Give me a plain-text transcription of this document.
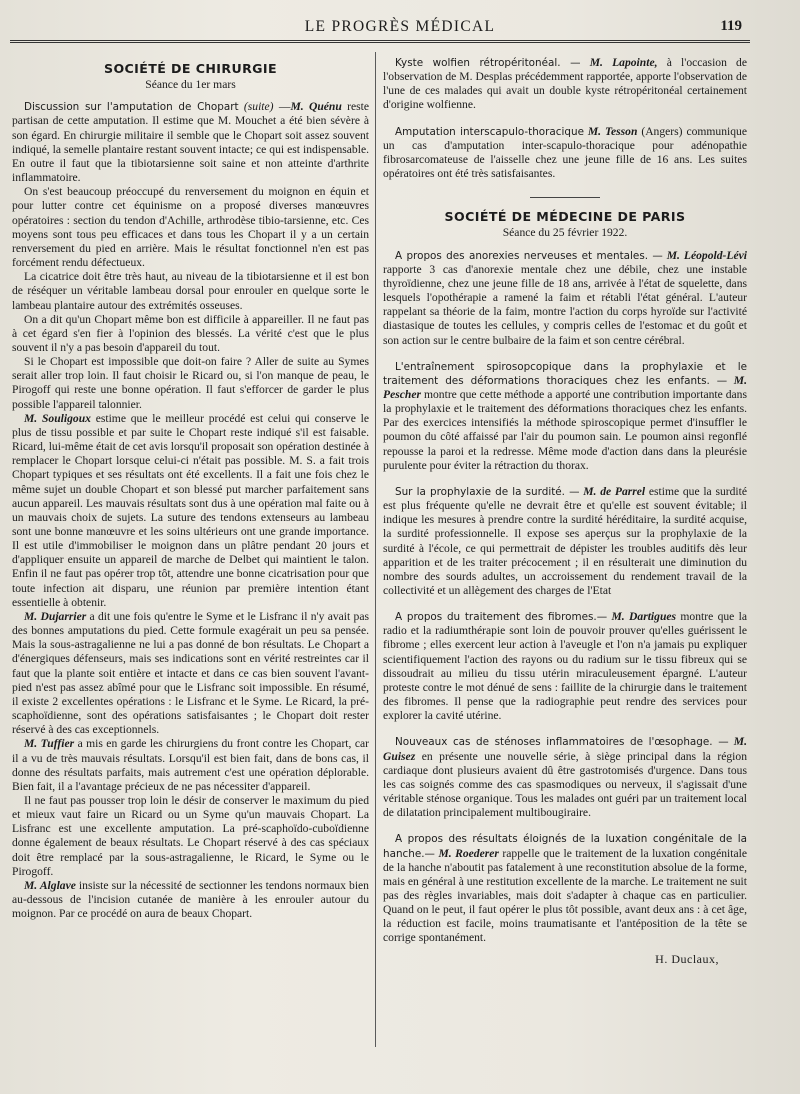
LE PROGRÈS MÉDICAL	119
SOCIÉTÉ DE CHIRURGIE
Séance du 1er mars

Discussion sur l'amputation de Chopart (suite) —M. Quénu reste partisan de cette amputation. Il estime que M. Mouchet a été bien sévère à son égard. En chirurgie militaire il semble que le Chopart soit assez souvent indiqué, la semelle plantaire restant souvent intacte; ce qui est indispensable. En outre il faut que la tibiotarsienne soit saine et non atteinte d'arthrite inflammatoire.

On s'est beaucoup préoccupé du renversement du moignon en équin et pour lutter contre cet équinisme on a proposé diverses manœuvres opératoires : section du tendon d'Achille, arthrodèse tibio-tarsienne, etc. Ces moyens sont tous peu efficaces et dans tous les Chopart il y a un certain renversement du pied en arrière. Mais le résultat fonctionnel n'en est pas forcément rendu défectueux.

La cicatrice doit être très haut, au niveau de la tibiotarsienne et il est bon de réséquer un véritable lambeau dorsal pour enrouler en quelque sorte le lambeau plantaire autour des extrémités osseuses.

On a dit qu'un Chopart même bon est difficile à appareiller. Il ne faut pas à cet égard s'en fier à l'opinion des blessés. La vérité c'est que le plus souvent il n'y a pas besoin d'appareil du tout.

Si le Chopart est impossible que doit-on faire ? Aller de suite au Symes serait aller trop loin. Il faut choisir le Ricard ou, si l'on manque de peau, le Pirogoff qui reste une bonne opération. Il faut s'efforcer de garder le plus possible l'appareil talonnier.

M. Souligoux estime que le meilleur procédé est celui qui conserve le plus de tissu possible et par suite le Chopart reste indiqué s'il est faisable. Ricard, lui-même était de cet avis lorsqu'il proposait son opération destinée à remplacer le Chopart lorsque celui-ci n'était pas possible. M. S. a fait trois Chopart typiques et ses résultats ont été excellents. Il a fait une fois chez le même sujet un double Chopart et son blessé put marcher parfaitement sans aucun appareil. Les mauvais résultats sont dus à une opération mal faite ou à un mauvais choix de sujets. La suture des tendons extenseurs au lambeau sont une bonne manœuvre et les soins ultérieurs ont une grande importance. Il est utile d'immobiliser le moignon dans un plâtre pendant 20 jours et d'appliquer ensuite un appareil de marche de Delbet qui maintient le talon. Enfin il ne faut pas opérer trop tôt, attendre une bonne cicatrisation pour que toute infection ait disparu, une réunion par première intention étant essentielle à obtenir.

M. Dujarrier a dit une fois qu'entre le Syme et le Lisfranc il n'y avait pas des bonnes amputations du pied. Cette formule exagérait un peu sa pensée. Mais la sous-astragalienne ne lui a pas donné de bon résultats. Le Chopart a d'énergiques défenseurs, mais ses indications sont en vérité restreintes car il faut que la plante soit entière et intacte et dans ce cas bien souvent l'avant-pied n'est pas assez abîmé pour que le Lisfranc soit impossible. En résumé, il existe 2 excellentes opérations : le Lisfranc et le Syme. Le Ricard, la pré-scaphoïdienne, sont des opérations satisfaisantes ; le Chopart doit rester réservé à des cas exceptionnels.

M. Tuffier a mis en garde les chirurgiens du front contre les Chopart, car il a vu de très mauvais résultats. Lorsqu'il est bien fait, dans de bons cas, il donne des résultats parfaits, mais autrement c'est une opération déplorable. Bien fait, il a l'avantage précieux de ne pas nécessiter d'appareil.

Il ne faut pas pousser trop loin le désir de conserver le maximum du pied et mieux vaut faire un Ricard ou un Syme qu'un mauvais Chopart. La Lisfranc est une excellente amputation. La pré-scaphoïdo-cuboïdienne donne également de beaux résultats. Le Chopart réservé à des cas spéciaux doit être remplacé par la sous-astragalienne, le Ricard, le Syme ou le Pirogoff.

M. Alglave insiste sur la nécessité de sectionner les tendons normaux bien au-dessous de l'incision cutanée de manière à les enrouler autour du moignon. Par ce procédé on aura de beaux Chopart.

Kyste wolfien rétropéritonéal. — M. Lapointe, à l'occasion de l'observation de M. Desplas précédemment rapportée, apporte l'observation de l'une de ces malades qui avait un double kyste rétropéritonéal certainement d'origine wolfienne.

Amputation interscapulo-thoracique M. Tesson (Angers) communique un cas d'amputation inter-scapulo-thoracique pour adénopathie fibrosarcomateuse de l'aisselle chez une jeune fille de 16 ans. Les suites opératoires ont été très satisfaisantes.

SOCIÉTÉ DE MÉDECINE DE PARIS
Séance du 25 février 1922.

A propos des anorexies nerveuses et mentales. — M. Léopold-Lévi rapporte 3 cas d'anorexie mentale chez une débile, chez une instable thyroïdienne, chez une jeune fille de 18 ans, arrivée à l'état de squelette, dans lesquels l'opothérapie a ramené la faim et rétabli l'état général. L'auteur rappelant sa théorie de la faim, montre l'action du corps hyroïde sur l'activité diastasique de toutes les cellules, y compris celles de l'estomac et du goût et son action sur le centre bulbaire de la faim et son centre cérébral.

L'entraînement spirosopcopique dans la prophylaxie et le traitement des déformations thoraciques chez les enfants. — M. Pescher montre que cette méthode a apporté une contribution importante dans la prophylaxie et le traitement des déformations thoraciques chez les enfants. Par des exercices intensifiés la méthode spiroscopique permet d'insuffler le poumon du côté affaissé par l'air du poumon sain. Le poumon ainsi regonflé repousse la paroi et la redresse. Même mode d'action dans dans la pleurésie purulente pour éviter la rétraction du thorax.

Sur la prophylaxie de la surdité. — M. de Parrel estime que la surdité est plus fréquente qu'elle ne devrait être et qu'elle est souvent évitable; il indique les mesures à prendre contre la surdité héréditaire, la surdité acquise, la surdité professionnelle. Il expose ses aperçus sur la prophylaxie de la surdité à l'école, ce qui permettrait de dépister les troubles auditifs dès leur apparition et de les traiter précocement ; il en résulterait une diminution du nombre des sourds adultes, un accroissement du rendement travail de la collectivité et un allègement des charges de l'Etat

A propos du traitement des fibromes.— M. Dartigues montre que la radio et la radiumthérapie sont loin de pouvoir prouver qu'elles guérissent le fibrome ; elles exercent leur action à l'aveugle et l'on n'a jamais pu expliquer scientifiquement l'action des rayons ou du radium sur le tissu fibreux qui se dissoudrait au milieu du tissu utérin miraculeusement épargné. L'auteur proteste contre le mot dénué de sens : faillite de la chirurgie dans le traitement des fibromes. Il pense que la radiographie peut rendre des services pour explorer la cavité utérine.

Nouveaux cas de sténoses inflammatoires de l'œsophage. — M. Guisez en présente une nouvelle série, à siège principal dans la région cardiaque dont plusieurs avaient dû être gastrotomisés d'urgence. Dans tous les cas soignés comme des cas spasmodiques ou nerveux, il s'agissait d'une véritable sténose organique. Tous les malades ont guéri par un traitement local de dilatation principalement multibougiraire.

A propos des résultats éloignés de la luxation congénitale de la hanche.— M. Roederer rappelle que le traitement de la luxation congénitale de la hanche n'aboutit pas fatalement à une reconstitution absolue de la forme, mais en général à une restitution excellente de la marche. Le traitement ne suit pas des règles invariables, mais doit s'adapter à chaque cas en particulier. Quand on le peut, il faut opérer le plus tôt possible, avant deux ans : à cet âge, la réduction est facile, moins traumatisante et l'antéposition de la tête se corrige spontanément.

H. Duclaux,
